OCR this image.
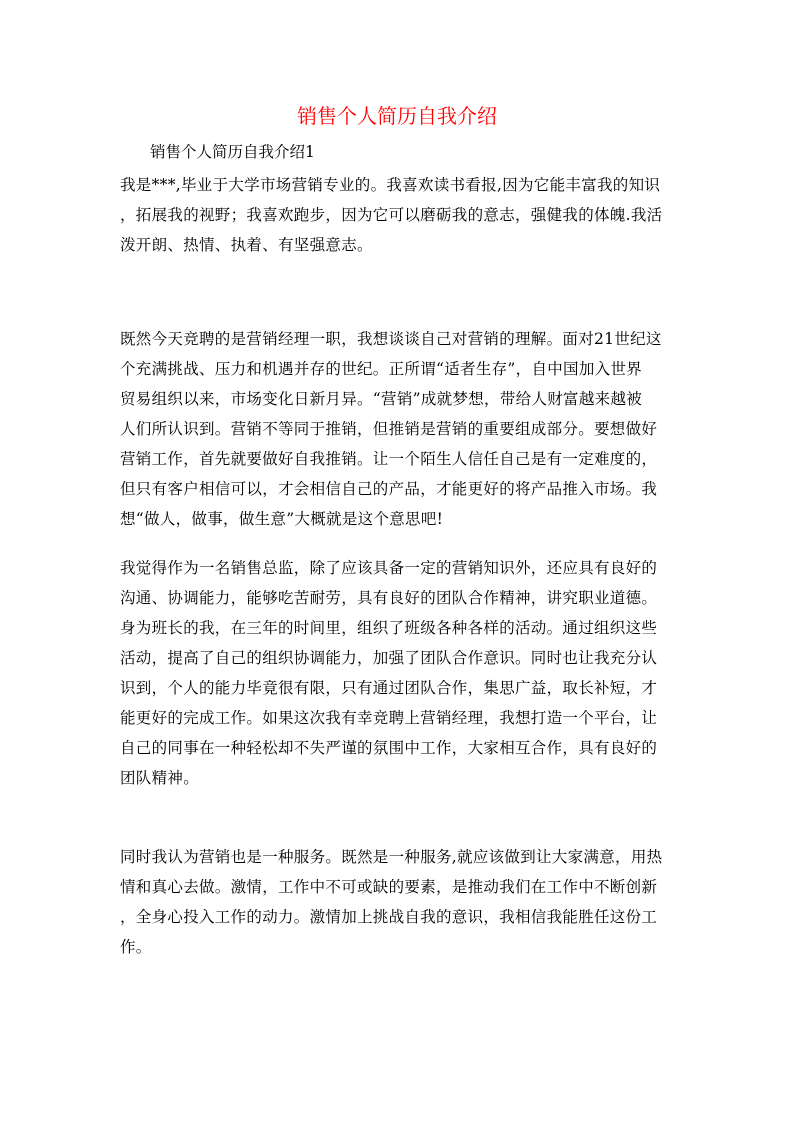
销售个人简历自我介绍

销售个人简历自我介绍1

我是***,毕业于大学市场营销专业的。我喜欢读书看报,因为它能丰富我的知识
，拓展我的视野；我喜欢跑步，因为它可以磨砺我的意志，强健我的体魄.我活
泼开朗、热情、执着、有坚强意志。
既然今天竞聘的是营销经理一职，我想谈谈自己对营销的理解。面对21世纪这
个充满挑战、压力和机遇并存的世纪。正所谓“适者生存”，自中国加入世界
贸易组织以来，市场变化日新月异。“营销”成就梦想，带给人财富越来越被
人们所认识到。营销不等同于推销，但推销是营销的重要组成部分。要想做好
营销工作，首先就要做好自我推销。让一个陌生人信任自己是有一定难度的，
但只有客户相信可以，才会相信自己的产品，才能更好的将产品推入市场。我
想“做人，做事，做生意”大概就是这个意思吧!
我觉得作为一名销售总监，除了应该具备一定的营销知识外，还应具有良好的
沟通、协调能力，能够吃苦耐劳，具有良好的团队合作精神，讲究职业道德。
身为班长的我，在三年的时间里，组织了班级各种各样的活动。通过组织这些
活动，提高了自己的组织协调能力，加强了团队合作意识。同时也让我充分认
识到，个人的能力毕竟很有限，只有通过团队合作，集思广益，取长补短，才
能更好的完成工作。如果这次我有幸竞聘上营销经理，我想打造一个平台，让
自己的同事在一种轻松却不失严谨的氛围中工作，大家相互合作，具有良好的
团队精神。
同时我认为营销也是一种服务。既然是一种服务,就应该做到让大家满意，用热
情和真心去做。激情，工作中不可或缺的要素，是推动我们在工作中不断创新
，全身心投入工作的动力。激情加上挑战自我的意识，我相信我能胜任这份工
作。
